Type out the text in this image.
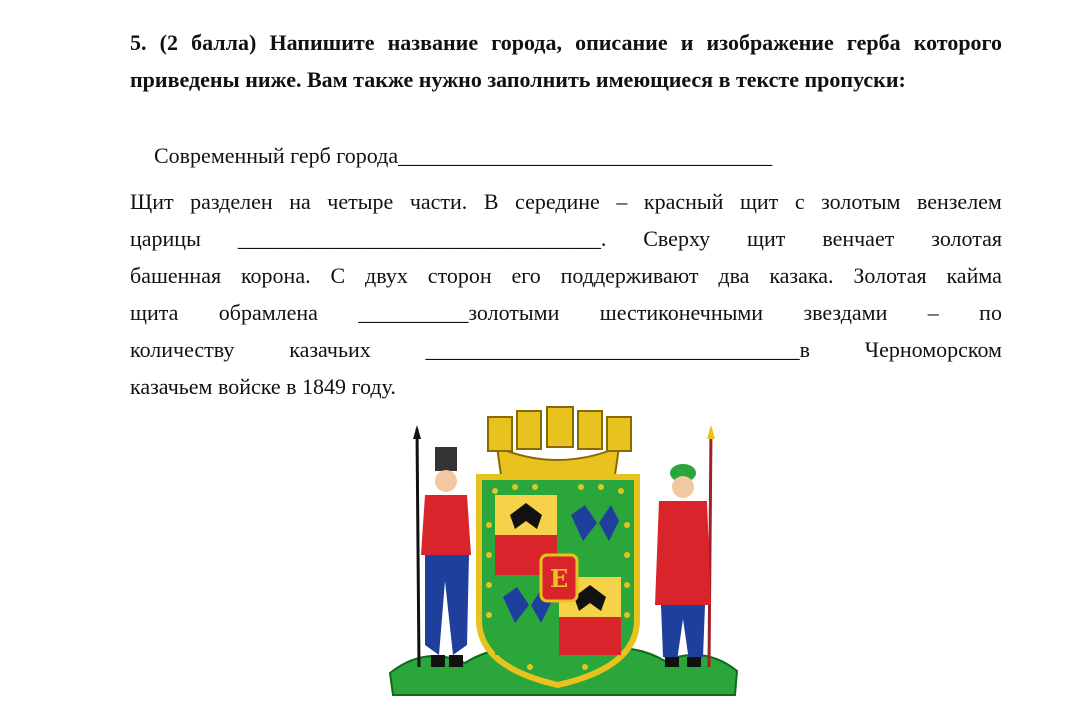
5. (2 балла) Напишите название города, описание и изображение герба которого приведены ниже. Вам также нужно заполнить имеющиеся в тексте пропуски:
Современный герб города__________________________________
Щит разделен на четыре части. В середине – красный щит с золотым вензелем
царицы _________________________________. Сверху щит венчает золотая
башенная корона. С двух сторон его поддерживают два казака. Золотая кайма
щита обрамлена __________золотыми шестиконечными звездами – по
количеству казачьих __________________________________в Черноморском
казачьем войске в 1849 году.
Е
